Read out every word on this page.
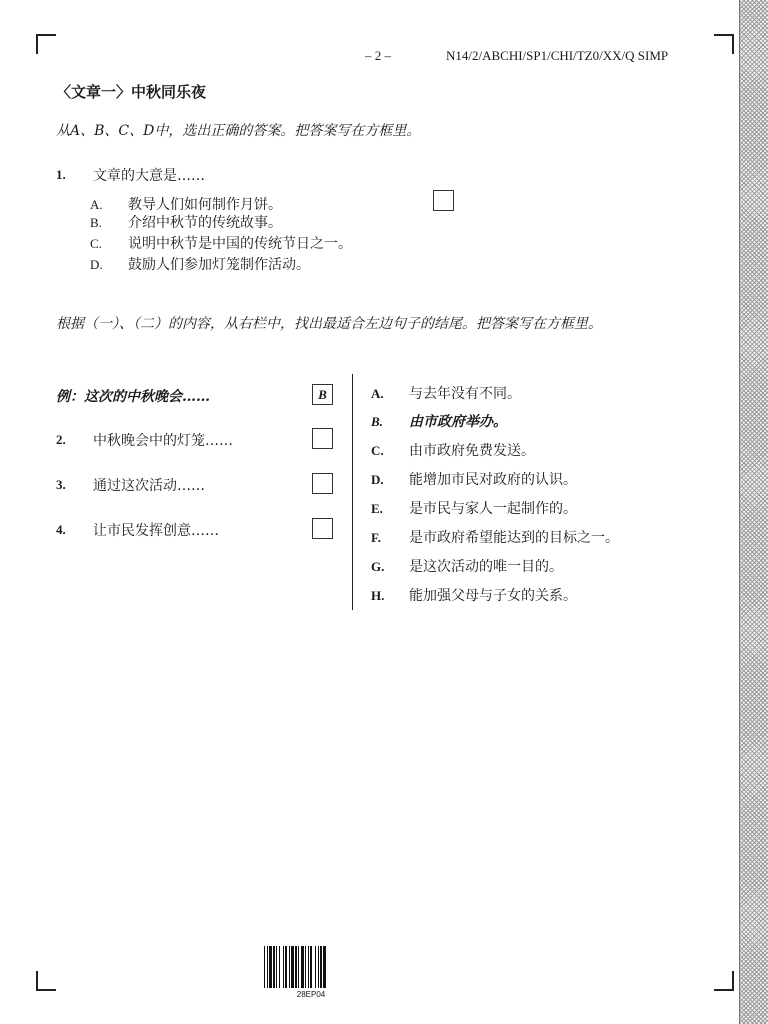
– 2 –	N14/2/ABCHI/SP1/CHI/TZ0/XX/Q SIMP
〈文章一〉中秋同乐夜
从A、B、C、D中，选出正确的答案。把答案写在方框里。
1. 文章的大意是……
A. 教导人们如何制作月饼。
B. 介绍中秋节的传统故事。
C. 说明中秋节是中国的传统节日之一。
D. 鼓励人们参加灯笼制作活动。
根据（一）、（二）的内容，从右栏中，找出最适合左边句子的结尾。把答案写在方框里。
例：这次的中秋晚会……	B
2. 中秋晚会中的灯笼……
3. 通过这次活动……
4. 让市民发挥创意……
A. 与去年没有不同。
B. 由市政府举办。
C. 由市政府免费发送。
D. 能增加市民对政府的认识。
E. 是市民与家人一起制作的。
F. 是市政府希望能达到的目标之一。
G. 是这次活动的唯一目的。
H. 能加强父母与子女的关系。
28EP04
